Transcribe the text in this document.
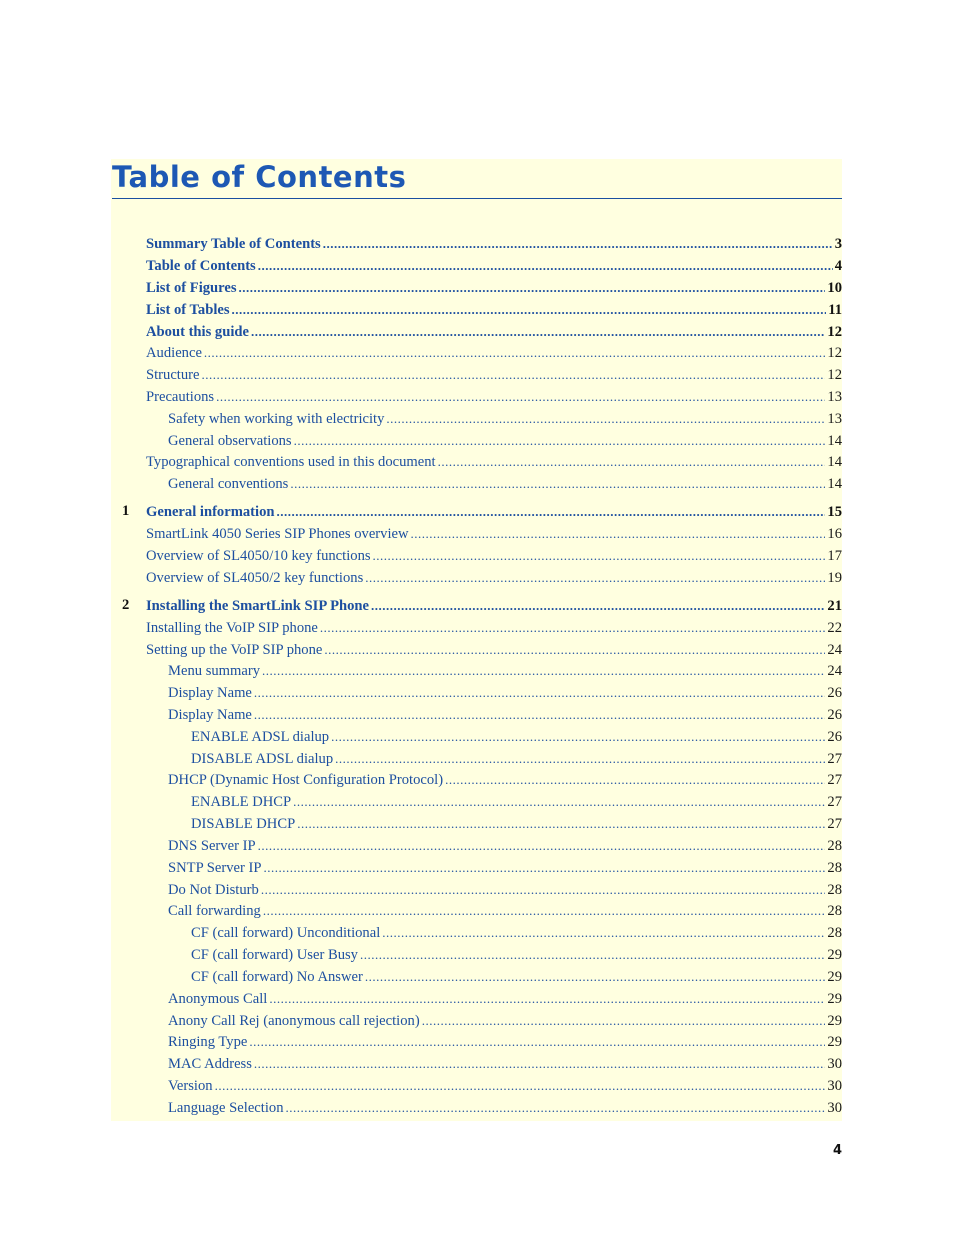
Table of Contents
Summary Table of Contents .....	3
Table of Contents .....	4
List of Figures .....	10
List of Tables .....	11
About this guide .....	12
Audience .....	12
Structure .....	12
Precautions .....	13
Safety when working with electricity .....	13
General observations .....	14
Typographical conventions used in this document .....	14
General conventions .....	14
1 General information .....	15
SmartLink 4050 Series SIP Phones overview .....	16
Overview of SL4050/10 key functions .....	17
Overview of SL4050/2 key functions .....	19
2 Installing the SmartLink SIP Phone .....	21
Installing the VoIP SIP phone .....	22
Setting up the VoIP SIP phone .....	24
Menu summary .....	24
Display Name .....	26
Display Name .....	26
ENABLE ADSL dialup .....	26
DISABLE ADSL dialup .....	27
DHCP (Dynamic Host Configuration Protocol) .....	27
ENABLE DHCP .....	27
DISABLE DHCP .....	27
DNS Server IP .....	28
SNTP Server IP .....	28
Do Not Disturb .....	28
Call forwarding .....	28
CF (call forward) Unconditional .....	28
CF (call forward) User Busy .....	29
CF (call forward) No Answer .....	29
Anonymous Call .....	29
Anony Call Rej (anonymous call rejection) .....	29
Ringing Type .....	29
MAC Address .....	30
Version .....	30
Language Selection .....	30
4
